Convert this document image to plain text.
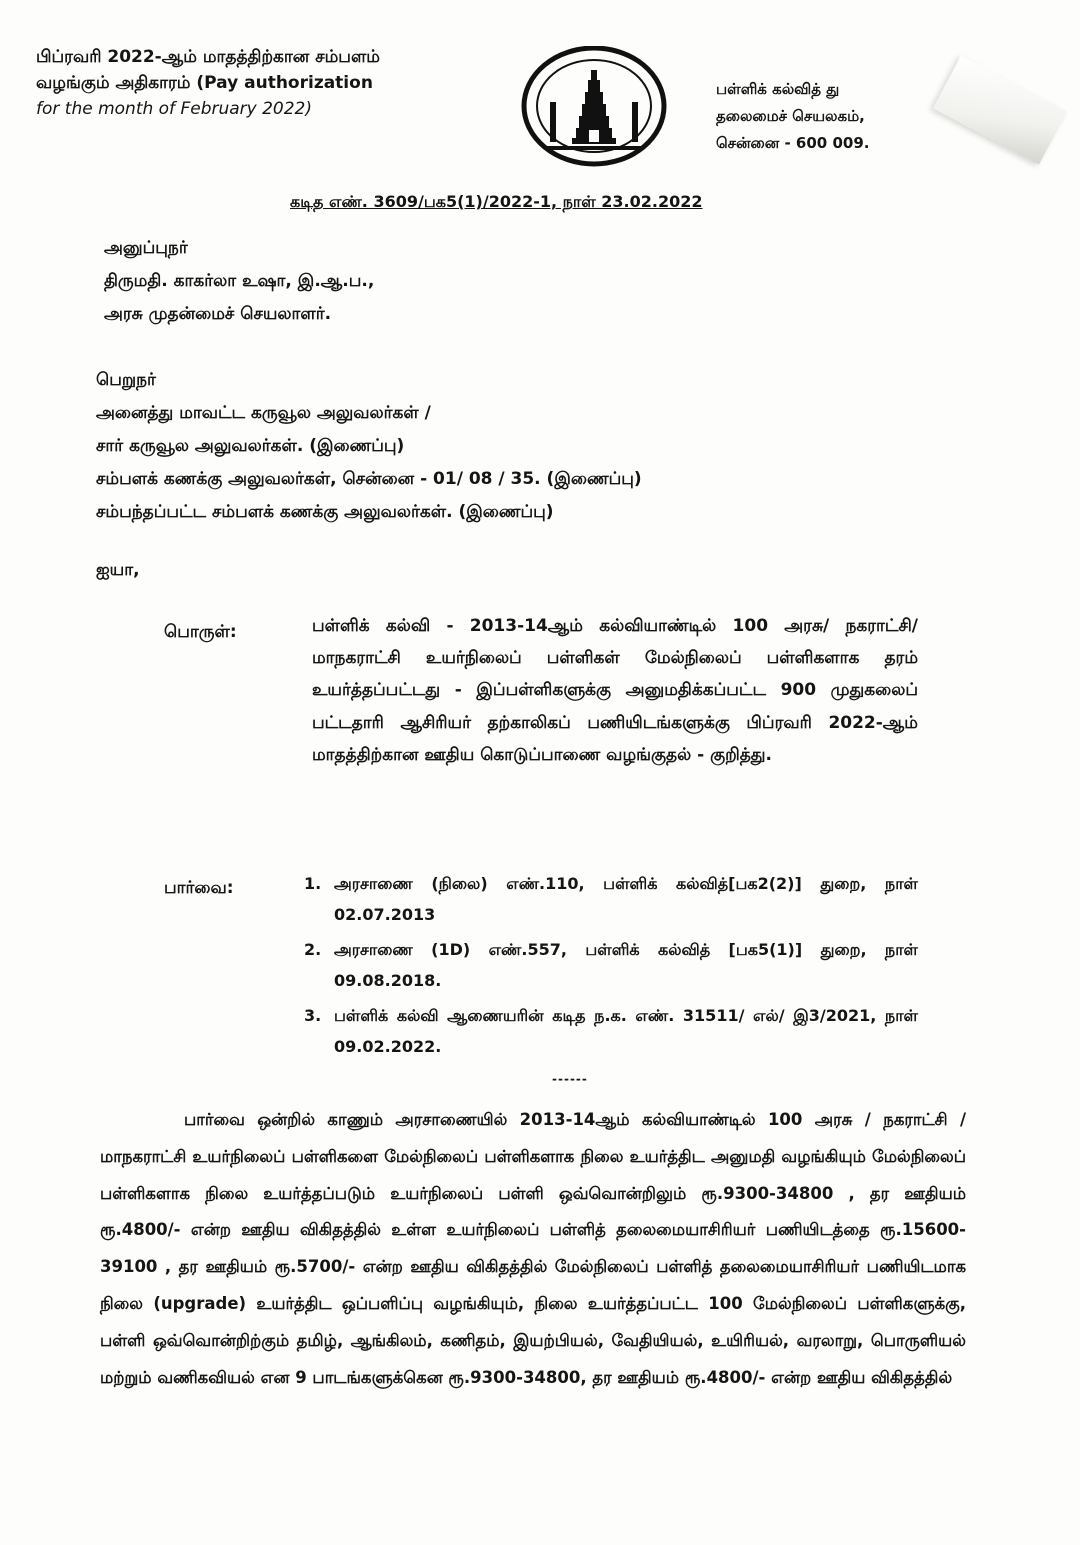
பிப்ரவரி 2022-ஆம் மாதத்திற்கான சம்பளம்
வழங்கும் அதிகாரம் (Pay authorization
for the month of February 2022)
பள்ளிக் கல்வித் து
தலைமைச் செயலகம்,
சென்னை - 600 009.
கடித எண். 3609/பக5(1)/2022-1, நாள் 23.02.2022
அனுப்புநர்
திருமதி. காகர்லா உஷா, இ.ஆ.ப.,
அரசு முதன்மைச் செயலாளர்.
பெறுநர்
அனைத்து மாவட்ட கருவூல அலுவலர்கள் /
சார் கருவூல அலுவலர்கள். (இணைப்பு)
சம்பளக் கணக்கு அலுவலர்கள், சென்னை - 01/ 08 / 35. (இணைப்பு)
சம்பந்தப்பட்ட சம்பளக் கணக்கு அலுவலர்கள். (இணைப்பு)
ஐயா,
பொருள்:	பள்ளிக் கல்வி - 2013-14ஆம் கல்வியாண்டில் 100 அரசு/ நகராட்சி/ மாநகராட்சி உயர்நிலைப் பள்ளிகள் மேல்நிலைப் பள்ளிகளாக தரம் உயர்த்தப்பட்டது - இப்பள்ளிகளுக்கு அனுமதிக்கப்பட்ட 900 முதுகலைப் பட்டதாரி ஆசிரியர் தற்காலிகப் பணியிடங்களுக்கு பிப்ரவரி 2022-ஆம் மாதத்திற்கான ஊதிய கொடுப்பாணை வழங்குதல் - குறித்து.
பார்வை:	1. அரசாணை (நிலை) எண்.110, பள்ளிக் கல்வித்[பக2(2)] துறை, நாள் 02.07.2013
2. அரசாணை (1D) எண்.557, பள்ளிக் கல்வித் [பக5(1)] துறை, நாள் 09.08.2018.
3. பள்ளிக் கல்வி ஆணையரின் கடித ந.க. எண். 31511/ எல்/ இ3/2021, நாள் 09.02.2022.
------
பார்வை ஒன்றில் காணும் அரசாணையில் 2013-14ஆம் கல்வியாண்டில் 100 அரசு / நகராட்சி / மாநகராட்சி உயர்நிலைப் பள்ளிகளை மேல்நிலைப் பள்ளிகளாக நிலை உயர்த்திட அனுமதி வழங்கியும் மேல்நிலைப் பள்ளிகளாக நிலை உயர்த்தப்படும் உயர்நிலைப் பள்ளி ஒவ்வொன்றிலும் ரூ.9300-34800 , தர ஊதியம் ரூ.4800/- என்ற ஊதிய விகிதத்தில் உள்ள உயர்நிலைப் பள்ளித் தலைமையாசிரியர் பணியிடத்தை ரூ.15600-39100 , தர ஊதியம் ரூ.5700/- என்ற ஊதிய விகிதத்தில் மேல்நிலைப் பள்ளித் தலைமையாசிரியர் பணியிடமாக நிலை (upgrade) உயர்த்திட ஒப்பளிப்பு வழங்கியும், நிலை உயர்த்தப்பட்ட 100 மேல்நிலைப் பள்ளிகளுக்கு, பள்ளி ஒவ்வொன்றிற்கும் தமிழ், ஆங்கிலம், கணிதம், இயற்பியல், வேதியியல், உயிரியல், வரலாறு, பொருளியல் மற்றும் வணிகவியல் என 9 பாடங்களுக்கென ரூ.9300-34800, தர ஊதியம் ரூ.4800/- என்ற ஊதிய விகிதத்தில்
